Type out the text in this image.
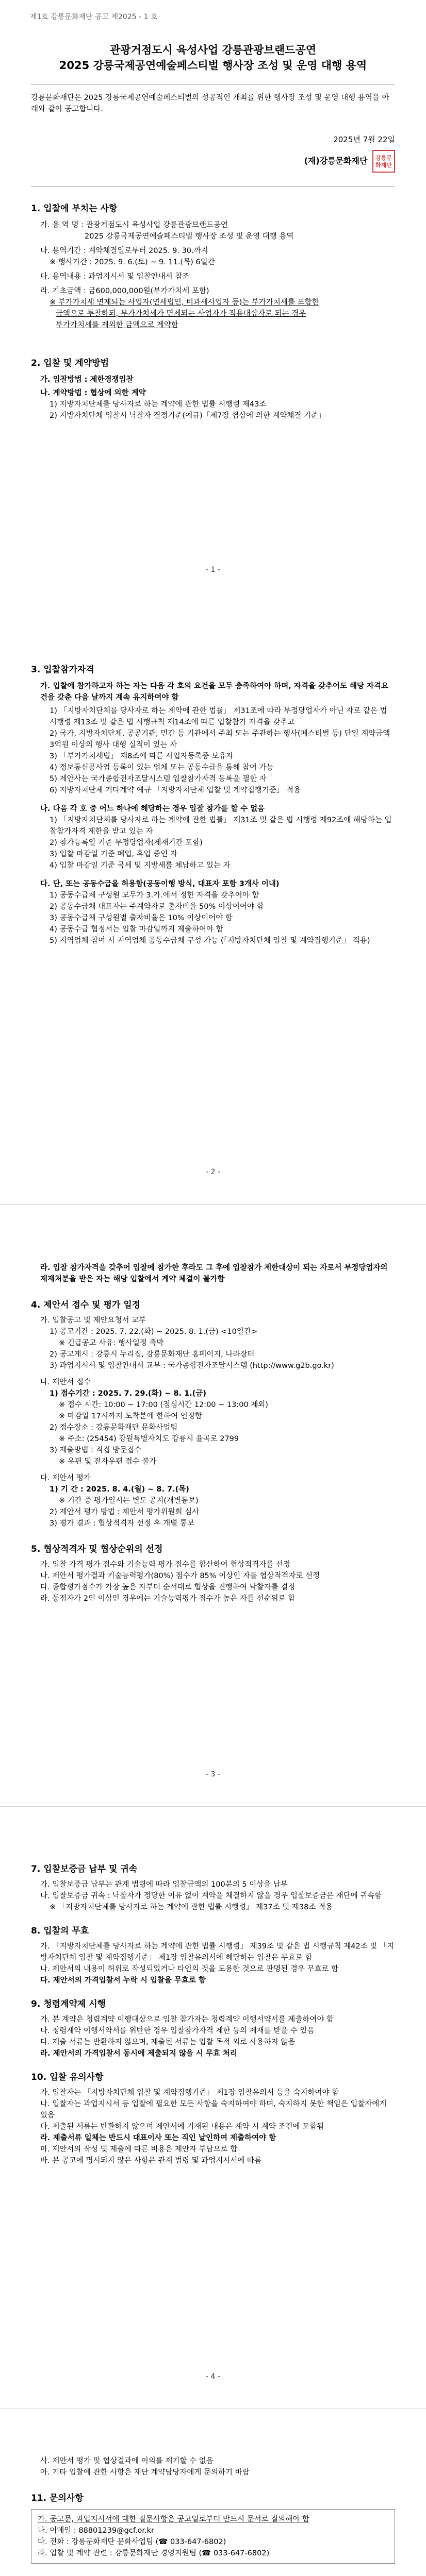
제1호 강릉문화재단 공고 제2025 - 1 호
관광거점도시 육성사업 강릉관광브랜드공연
2025 강릉국제공연예술페스티벌 행사장 조성 및 운영 대행 용역

강릉문화재단은 2025 강릉국제공연예술페스티벌의 성공적인 개최를 위한 행사장 조성 및 운영 대행 용역을 아래와 같이 공고합니다.

2025년 7월 22일
(재)강릉문화재단 강릉문화재단

1. 입찰에 부치는 사항

가. 용 역 명 : 관광거점도시 육성사업 강릉관광브랜드공연

2025 강릉국제공연예술페스티벌 행사장 조성 및 운영 대행 용역

나. 용역기간 : 계약체결일로부터 2025. 9. 30.까지

※ 행사기간 : 2025. 9. 6.(토) ~ 9. 11.(목) 6일간

다. 용역내용 : 과업지시서 및 입찰안내서 참조

라. 기초금액 : 금600,000,000원(부가가치세 포함)

※ 부가가치세 면제되는 사업자(면세법인, 비과세사업자 등)는 부가가치세를 포함한

금액으로 투찰하되, 부가가치세가 면제되는 사업자가 적용대상자로 되는 경우

부가가치세를 제외한 금액으로 계약함

2. 입찰 및 계약방법

가. 입찰방법 : 제한경쟁입찰

나. 계약방법 : 협상에 의한 계약

1) 지방자치단체를 당사자로 하는 계약에 관한 법률 시행령 제43조

2) 지방자치단체 입찰시 낙찰자 결정기준(예규)「제7장 협상에 의한 계약체결 기준」

- 1 -

3. 입찰참가자격

가. 입찰에 참가하고자 하는 자는 다음 각 호의 요건을 모두 충족하여야 하며, 자격을 갖추어도 해당 자격요건을 갖춘 다음 날까지 계속 유지하여야 함

1) 「지방자치단체를 당사자로 하는 계약에 관한 법률」 제31조에 따라 부정당업자가 아닌 자로 같은 법 시행령 제13조 및 같은 법 시행규칙 제14조에 따른 입찰참가 자격을 갖추고

2) 국가, 지방자치단체, 공공기관, 민간 등 기관에서 주최 또는 주관하는 행사(페스티벌 등) 단일 계약금액 3억원 이상의 행사 대행 실적이 있는 자

3) 「부가가치세법」 제8조에 따른 사업자등록증 보유자

4) 정보통신공사업 등록이 있는 업체 또는 공동수급을 통해 참여 가능

5) 제안사는 국가종합전자조달시스템 입찰참가자격 등록을 필한 자

6) 지방자치단체 기타계약 예규 「지방자치단체 입찰 및 계약집행기준」 적용

나. 다음 각 호 중 어느 하나에 해당하는 경우 입찰 참가를 할 수 없음

1) 「지방자치단체를 당사자로 하는 계약에 관한 법률」 제31조 및 같은 법 시행령 제92조에 해당하는 입찰참가자격 제한을 받고 있는 자

2) 참가등록일 기준 부정당업자(제재기간 포함)

3) 입찰 마감일 기준 폐업, 휴업 중인 자

4) 입찰 마감일 기준 국세 및 지방세를 체납하고 있는 자

다. 단, 또는 공동수급을 허용함(공동이행 방식, 대표자 포함 3개사 이내)

1) 공동수급체 구성원 모두가 3.가.에서 정한 자격을 갖추어야 함

2) 공동수급체 대표자는 주계약자로 출자비율 50% 이상이어야 함

3) 공동수급체 구성원별 출자비율은 10% 이상이어야 함

4) 공동수급 협정서는 입찰 마감일까지 제출하여야 함

5) 지역업체 참여 시 지역업체 공동수급체 구성 가능 (「지방자치단체 입찰 및 계약집행기준」 적용)

- 2 -

라. 입찰 참가자격을 갖추어 입찰에 참가한 후라도 그 후에 입찰참가 제한대상이 되는 자로서 부정당업자의 제재처분을 받은 자는 해당 입찰에서 계약 체결이 불가함

4. 제안서 접수 및 평가 일정

가. 입찰공고 및 제안요청서 교부

1) 공고기간 : 2025. 7. 22.(화) ~ 2025. 8. 1.(금) <10일간>

※ 긴급공고 사유: 행사일정 촉박

2) 공고게시 : 강릉시 누리집, 강릉문화재단 홈페이지, 나라장터

3) 과업지시서 및 입찰안내서 교부 : 국가종합전자조달시스템 (http://www.g2b.go.kr)

나. 제안서 접수

1) 접수기간 : 2025. 7. 29.(화) ~ 8. 1.(금)

※ 접수 시간: 10:00 ~ 17:00 (점심시간 12:00 ~ 13:00 제외)

※ 마감일 17시까지 도착분에 한하여 인정함

2) 접수장소 : 강릉문화재단 문화사업팀

※ 주소: (25454) 강원특별자치도 강릉시 율곡로 2799

3) 제출방법 : 직접 방문접수

※ 우편 및 전자우편 접수 불가

다. 제안서 평가

1) 기 간 : 2025. 8. 4.(월) ~ 8. 7.(목)

※ 기간 중 평가일시는 별도 공지(개별통보)

2) 제안서 평가 방법 : 제안서 평가위원회 심사

3) 평가 결과 : 협상적격자 선정 후 개별 통보

5. 협상적격자 및 협상순위의 선정

가. 입찰 가격 평가 점수와 기술능력 평가 점수를 합산하여 협상적격자를 선정

나. 제안서 평가결과 기술능력평가(80%) 점수가 85% 이상인 자를 협상적격자로 선정

다. 종합평가점수가 가장 높은 자부터 순서대로 협상을 진행하여 낙찰자를 결정

라. 동점자가 2인 이상인 경우에는 기술능력평가 점수가 높은 자를 선순위로 함

- 3 -

7. 입찰보증금 납부 및 귀속

가. 입찰보증금 납부는 관계 법령에 따라 입찰금액의 100분의 5 이상을 납부

나. 입찰보증금 귀속 : 낙찰자가 정당한 이유 없이 계약을 체결하지 않을 경우 입찰보증금은 재단에 귀속함

※ 「지방자치단체를 당사자로 하는 계약에 관한 법률 시행령」 제37조 및 제38조 적용

8. 입찰의 무효

가. 「지방자치단체를 당사자로 하는 계약에 관한 법률 시행령」 제39조 및 같은 법 시행규칙 제42조 및 「지방자치단체 입찰 및 계약집행기준」 제1장 입찰유의서에 해당하는 입찰은 무효로 함

나. 제안서의 내용이 허위로 작성되었거나 타인의 것을 도용한 것으로 판명된 경우 무효로 함

다. 제안서의 가격입찰서 누락 시 입찰을 무효로 함

9. 청렴계약제 시행

가. 본 계약은 청렴계약 이행대상으로 입찰 참가자는 청렴계약 이행서약서를 제출하여야 함

나. 청렴계약 이행서약서를 위반한 경우 입찰참가자격 제한 등의 제재를 받을 수 있음

다. 제출 서류는 반환하지 않으며, 제출된 서류는 입찰 목적 외로 사용하지 않음

라. 제안서의 가격입찰서 동시에 제출되지 않을 시 무효 처리

10. 입찰 유의사항

가. 입찰자는 「지방자치단체 입찰 및 계약집행기준」 제1장 입찰유의서 등을 숙지하여야 함

나. 입찰자는 과업지시서 등 입찰에 필요한 모든 사항을 숙지하여야 하며, 숙지하지 못한 책임은 입찰자에게 있음

다. 제출된 서류는 반환하지 않으며 제안서에 기재된 내용은 계약 시 계약 조건에 포함됨

라. 제출서류 일체는 반드시 대표이사 또는 직인 날인하여 제출하여야 함

마. 제안서의 작성 및 제출에 따른 비용은 제안자 부담으로 함

바. 본 공고에 명시되지 않은 사항은 관계 법령 및 과업지시서에 따름

- 4 -

사. 제안서 평가 및 협상결과에 이의를 제기할 수 없음

아. 기타 입찰에 관한 사항은 재단 계약담당자에게 문의하기 바람

11. 문의사항

가. 공고문, 과업지시서에 대한 질문사항은 공고일로부터 반드시 문서로 질의해야 함

나. 이메일 : 88801239@gcf.or.kr

다. 전화 : 강릉문화재단 문화사업팀 (☎ 033-647-6802)

라. 입찰 및 계약 관련 : 강릉문화재단 경영지원팀 (☎ 033-647-6802)
